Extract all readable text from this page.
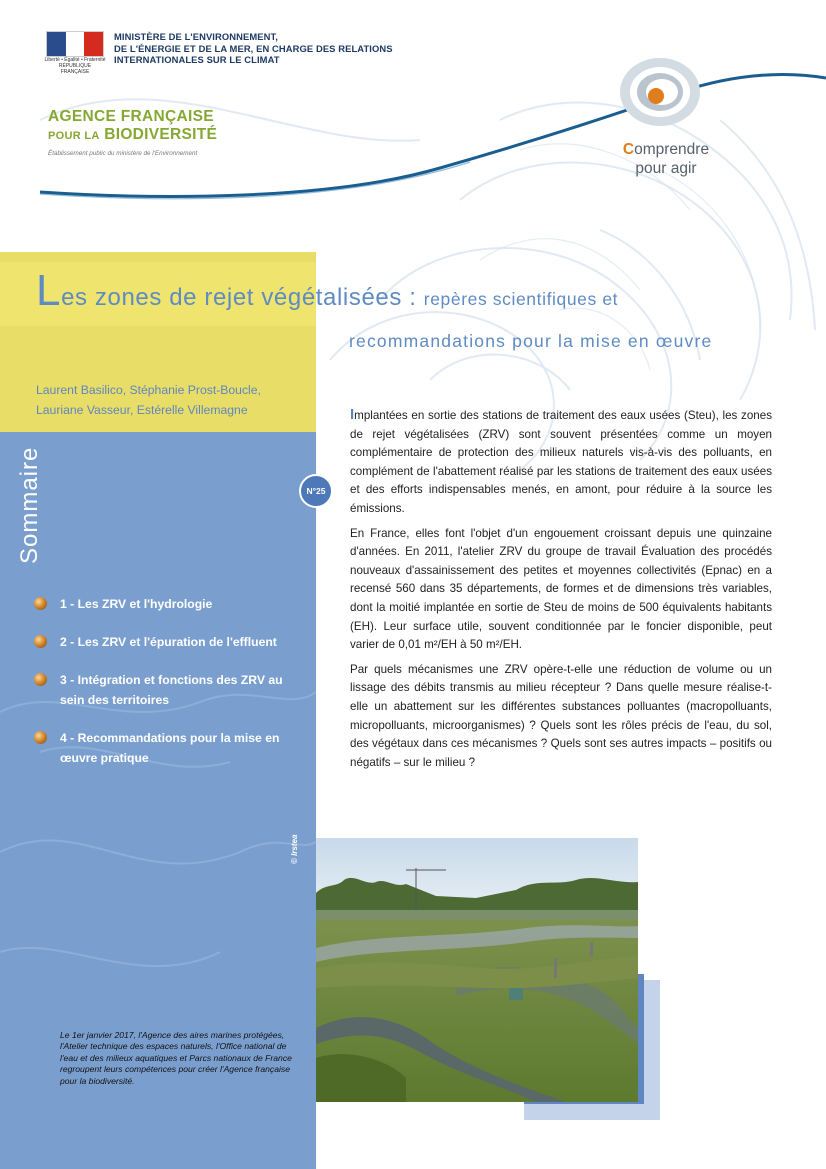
Liberté • Égalité • Fraternité RÉPUBLIQUE FRANÇAISE
MINISTÈRE DE L'ENVIRONNEMENT,
DE L'ÉNERGIE ET DE LA MER, EN CHARGE DES RELATIONS
INTERNATIONALES SUR LE CLIMAT
AGENCE FRANÇAISE
POUR LA BIODIVERSITÉ
Établissement public du ministère de l'Environnement	Comprendre
pour agir
Les zones de rejet végétalisées : repères scientifiques et
recommandations pour la mise en œuvre
Laurent Basilico, Stéphanie Prost-Boucle,
Lauriane Vasseur, Estérelle Villemagne
Sommaire	N°25
1 - Les ZRV et l'hydrologie
2 - Les ZRV et l'épuration de l'effluent
3 - Intégration et fonctions des ZRV au sein des territoires
4 - Recommandations pour la mise en œuvre pratique
© Irstea
Le 1er janvier 2017, l'Agence des aires marines protégées, l'Atelier technique des espaces naturels, l'Office national de l'eau et des milieux aquatiques et Parcs nationaux de France regroupent leurs compétences pour créer l'Agence française pour la biodiversité.

Implantées en sortie des stations de traitement des eaux usées (Steu), les zones de rejet végétalisées (ZRV) sont souvent présentées comme un moyen complémentaire de protection des milieux naturels vis-à-vis des polluants, en complément de l'abattement réalisé par les stations de traitement des eaux usées et des efforts indispensables menés, en amont, pour réduire à la source les émissions.

En France, elles font l'objet d'un engouement croissant depuis une quinzaine d'années. En 2011, l'atelier ZRV du groupe de travail Évaluation des procédés nouveaux d'assainissement des petites et moyennes collectivités (Epnac) en a recensé 560 dans 35 départements, de formes et de dimensions très variables, dont la moitié implantée en sortie de Steu de moins de 500 équivalents habitants (EH). Leur surface utile, souvent conditionnée par le foncier disponible, peut varier de 0,01 m²/EH à 50 m²/EH.

Par quels mécanismes une ZRV opère-t-elle une réduction de volume ou un lissage des débits transmis au milieu récepteur ? Dans quelle mesure réalise-t-elle un abattement sur les différentes substances polluantes (macropolluants, micropolluants, microorganismes) ? Quels sont les rôles précis de l'eau, du sol, des végétaux dans ces mécanismes ? Quels sont ses autres impacts – positifs ou négatifs – sur le milieu ?
